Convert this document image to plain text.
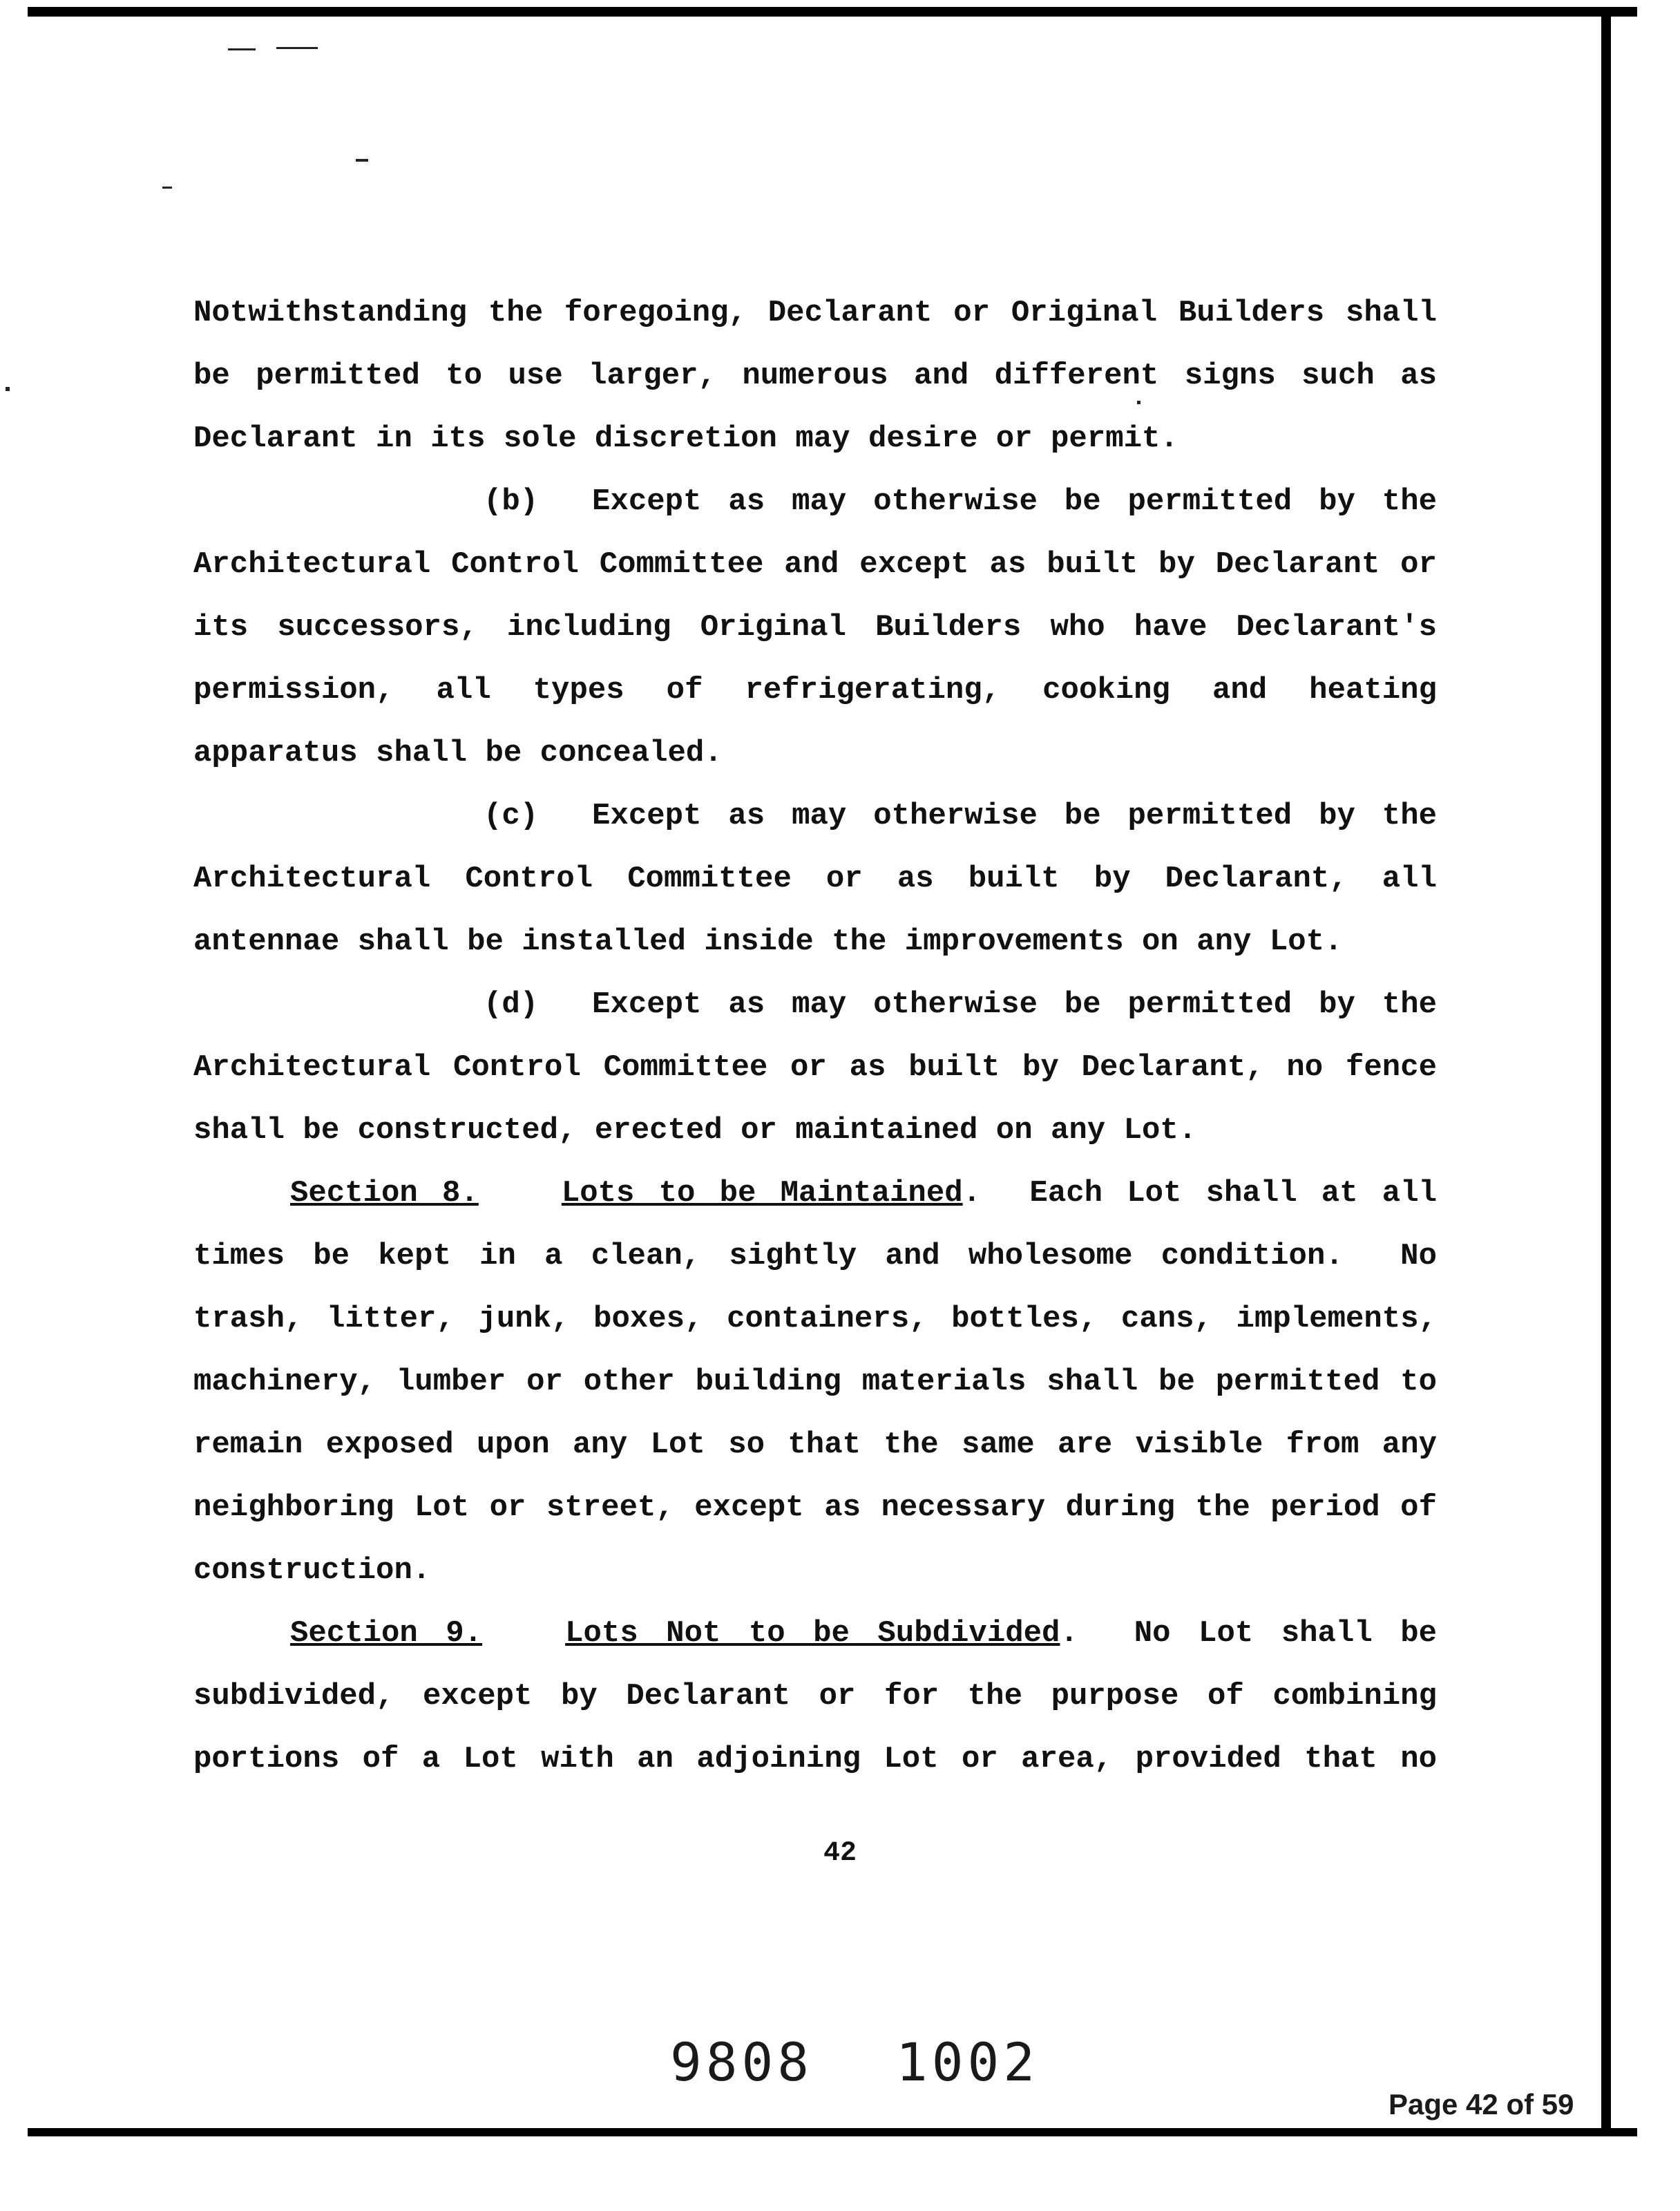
Notwithstanding the foregoing, Declarant or Original Builders shall
be permitted to use larger, numerous and different signs such as
Declarant in its sole discretion may desire or permit.
(b)  Except as may otherwise be permitted by the
Architectural Control Committee and except as built by Declarant or
its successors, including Original Builders who have Declarant's
permission, all types of refrigerating, cooking and heating
apparatus shall be concealed.
(c)  Except as may otherwise be permitted by the
Architectural Control Committee or as built by Declarant, all
antennae shall be installed inside the improvements on any Lot.
(d)  Except as may otherwise be permitted by the
Architectural Control Committee or as built by Declarant, no fence
shall be constructed, erected or maintained on any Lot.
Section 8.	Lots to be Maintained.  Each Lot shall at all
times be kept in a clean, sightly and wholesome condition.  No
trash, litter, junk, boxes, containers, bottles, cans, implements,
machinery, lumber or other building materials shall be permitted to
remain exposed upon any Lot so that the same are visible from any
neighboring Lot or street, except as necessary during the period of
construction.
Section 9.	Lots Not to be Subdivided.  No Lot shall be
subdivided, except by Declarant or for the purpose of combining
portions of a Lot with an adjoining Lot or area, provided that no
42
9808 1002
Page 42 of 59
